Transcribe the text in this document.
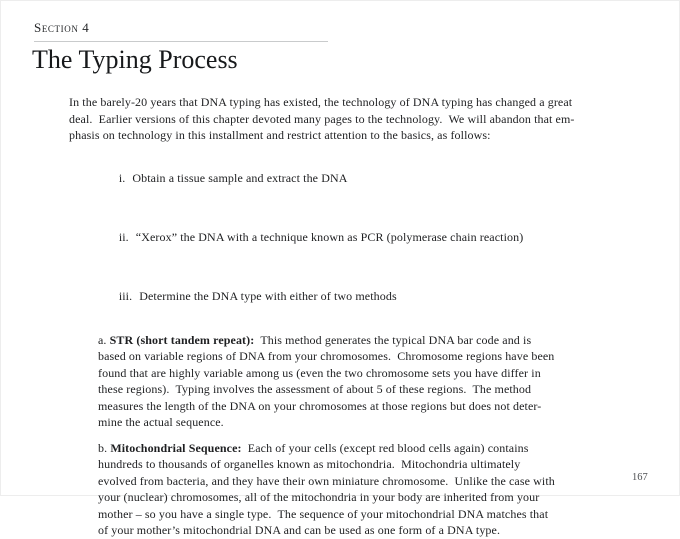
Section 4
The Typing Process
In the barely-20 years that DNA typing has existed, the technology of DNA typing has changed a great
deal.  Earlier versions of this chapter devoted many pages to the technology.  We will abandon that em-
phasis on technology in this installment and restrict attention to the basics, as follows:

i. Obtain a tissue sample and extract the DNA

ii. “Xerox” the DNA with a technique known as PCR (polymerase chain reaction)

iii. Determine the DNA type with either of two methods

a. STR (short tandem repeat):  This method generates the typical DNA bar code and is
based on variable regions of DNA from your chromosomes.  Chromosome regions have been
found that are highly variable among us (even the two chromosome sets you have differ in
these regions).  Typing involves the assessment of about 5 of these regions.  The method
measures the length of the DNA on your chromosomes at those regions but does not deter-
mine the actual sequence.
b. Mitochondrial Sequence:  Each of your cells (except red blood cells again) contains
hundreds to thousands of organelles known as mitochondria.  Mitochondria ultimately
evolved from bacteria, and they have their own miniature chromosome.  Unlike the case with
your (nuclear) chromosomes, all of the mitochondria in your body are inherited from your
mother – so you have a single type.  The sequence of your mitochondrial DNA matches that
of your mother’s mitochondrial DNA and can be used as one form of a DNA type.
167
